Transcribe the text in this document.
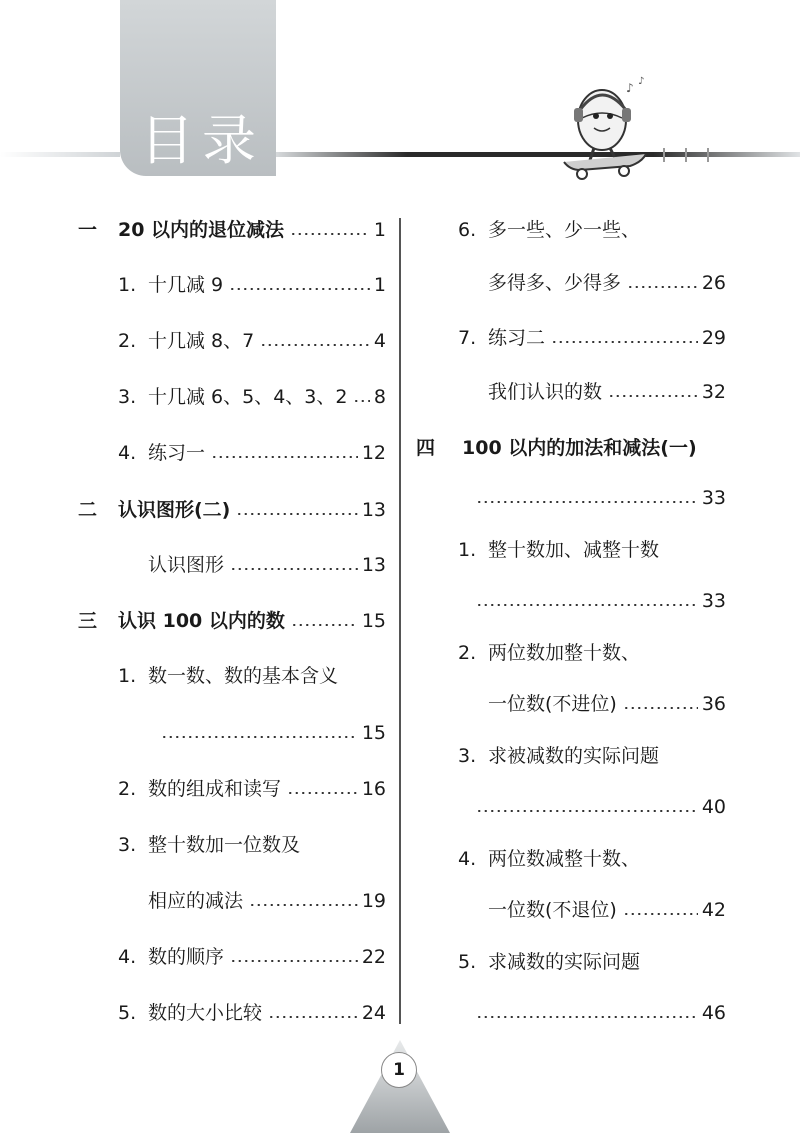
目录
♪ ♪
一	20 以内的退位减法	1
1. 十几减 9	1
2. 十几减 8、7	4
3. 十几减 6、5、4、3、2 8
4. 练习一	12
二	认识图形(二)	13
认识图形	13
三	认识 100 以内的数	15
1. 数一数、数的基本含义
15
2. 数的组成和读写	16
3. 整十数加一位数及
相应的减法	19
4. 数的顺序	22
5. 数的大小比较	24
6. 多一些、少一些、
多得多、少得多	26
7. 练习二	29
我们认识的数	32
四	100 以内的加法和减法(一)
33
1. 整十数加、减整十数
33
2. 两位数加整十数、
一位数(不进位)	36
3. 求被减数的实际问题
40
4. 两位数减整十数、
一位数(不退位)	42
5. 求减数的实际问题
46
1
